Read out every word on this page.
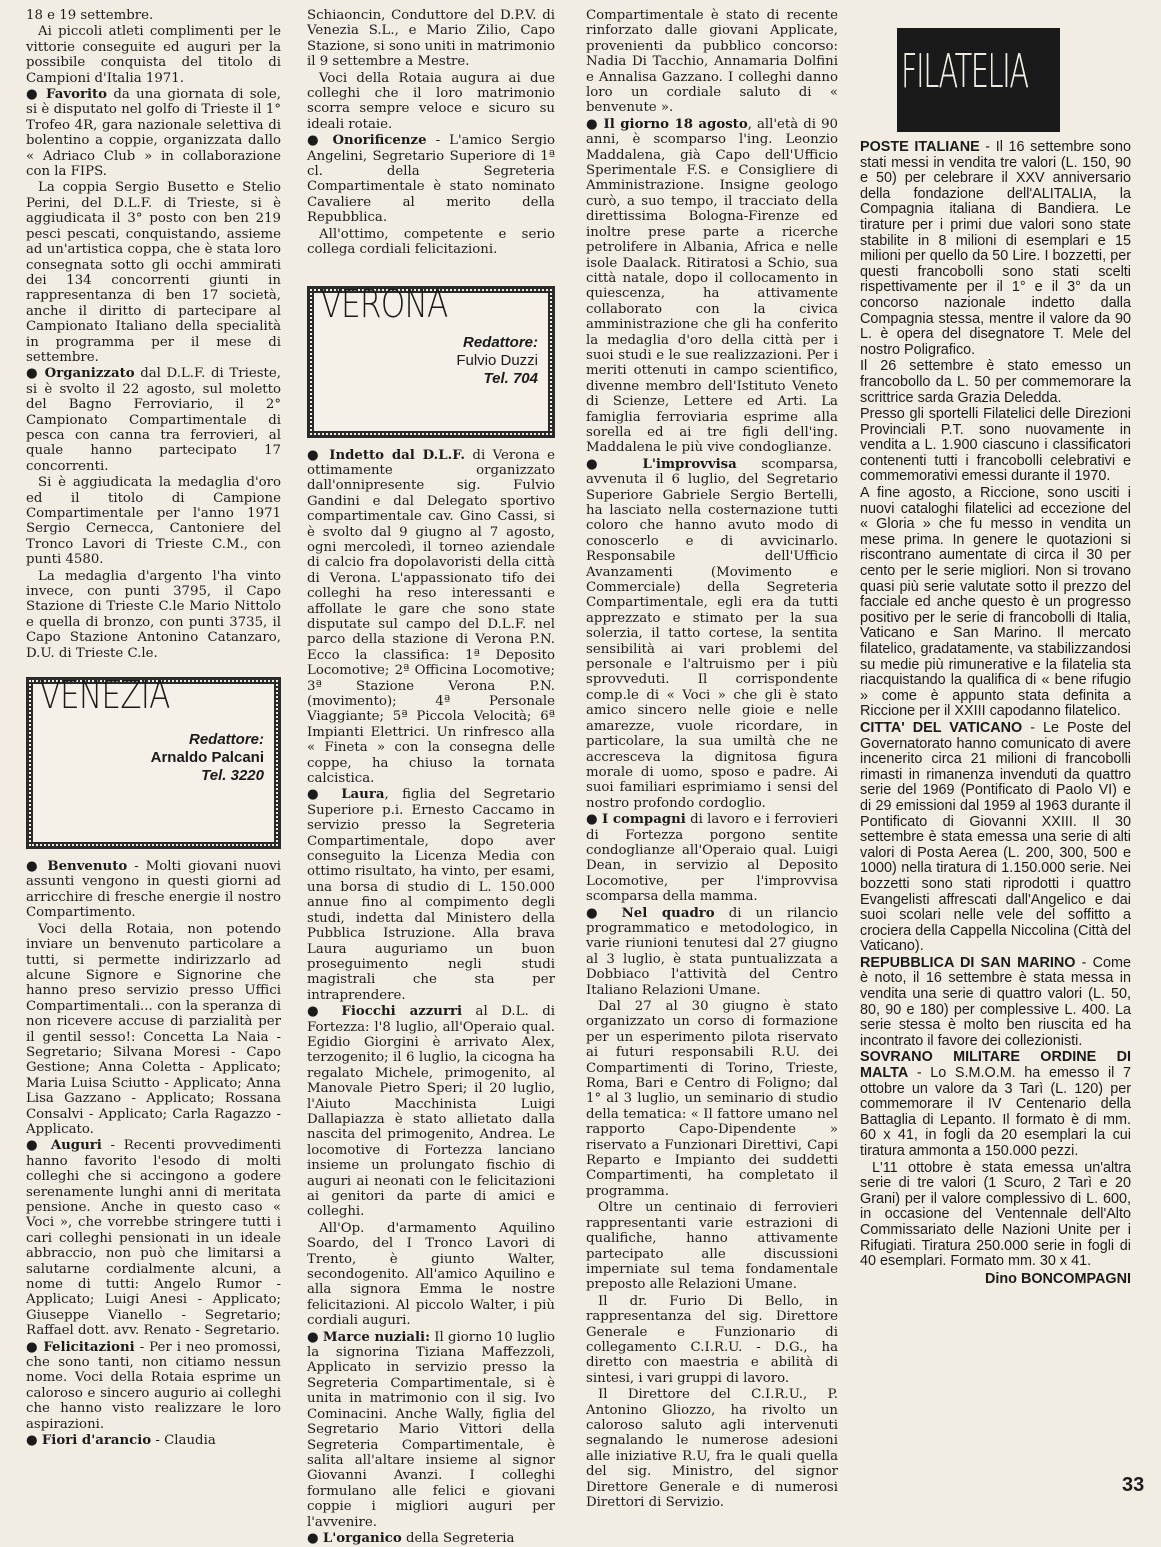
18 e 19 settembre.

Ai piccoli atleti complimenti per le vittorie conseguite ed auguri per la possibile conquista del titolo di Campioni d'Italia 1971.

● Favorito da una giornata di sole, si è disputato nel golfo di Trieste il 1° Trofeo 4R, gara nazionale selettiva di bolentino a coppie, organizzata dallo « Adriaco Club » in collaborazione con la FIPS.

La coppia Sergio Busetto e Stelio Perini, del D.L.F. di Trieste, si è aggiudicata il 3° posto con ben 219 pesci pescati, conquistando, assieme ad un'artistica coppa, che è stata loro consegnata sotto gli occhi ammirati dei 134 concorrenti giunti in rappresentanza di ben 17 società, anche il diritto di partecipare al Campionato Italiano della specialità in programma per il mese di settembre.

● Organizzato dal D.L.F. di Trieste, si è svolto il 22 agosto, sul moletto del Bagno Ferroviario, il 2° Campionato Compartimentale di pesca con canna tra ferrovieri, al quale hanno partecipato 17 concorrenti.

Si è aggiudicata la medaglia d'oro ed il titolo di Campione Compartimentale per l'anno 1971 Sergio Cernecca, Cantoniere del Tronco Lavori di Trieste C.M., con punti 4580.

La medaglia d'argento l'ha vinto invece, con punti 3795, il Capo Stazione di Trieste C.le Mario Nittolo e quella di bronzo, con punti 3735, il Capo Stazione Antonino Catanzaro, D.U. di Trieste C.le.

VENEZIA
Redattore:
Arnaldo Palcani
Tel. 3220

● Benvenuto - Molti giovani nuovi assunti vengono in questi giorni ad arricchire di fresche energie il nostro Compartimento.

Voci della Rotaia, non potendo inviare un benvenuto particolare a tutti, si permette indirizzarlo ad alcune Signore e Signorine che hanno preso servizio presso Uffici Compartimentali... con la speranza di non ricevere accuse di parzialità per il gentil sesso!: Concetta La Naia - Segretario; Silvana Moresi - Capo Gestione; Anna Coletta - Applicato; Maria Luisa Sciutto - Applicato; Anna Lisa Gazzano - Applicato; Rossana Consalvi - Applicato; Carla Ragazzo - Applicato.

● Auguri - Recenti provvedimenti hanno favorito l'esodo di molti colleghi che si accingono a godere serenamente lunghi anni di meritata pensione. Anche in questo caso « Voci », che vorrebbe stringere tutti i cari colleghi pensionati in un ideale abbraccio, non può che limitarsi a salutarne cordialmente alcuni, a nome di tutti: Angelo Rumor - Applicato; Luigi Anesi - Applicato; Giuseppe Vianello - Segretario; Raffael dott. avv. Renato - Segretario.

● Felicitazioni - Per i neo promossi, che sono tanti, non citiamo nessun nome. Voci della Rotaia esprime un caloroso e sincero augurio ai colleghi che hanno visto realizzare le loro aspirazioni.

● Fiori d'arancio - Claudia

Schiaoncin, Conduttore del D.P.V. di Venezia S.L., e Mario Zilio, Capo Stazione, si sono uniti in matrimonio il 9 settembre a Mestre.

Voci della Rotaia augura ai due colleghi che il loro matrimonio scorra sempre veloce e sicuro su ideali rotaie.

● Onorificenze - L'amico Sergio Angelini, Segretario Superiore di 1ª cl. della Segreteria Compartimentale è stato nominato Cavaliere al merito della Repubblica.

All'ottimo, competente e serio collega cordiali felicitazioni.

VERONA
Redattore:
Fulvio Duzzi
Tel. 704

● Indetto dal D.L.F. di Verona e ottimamente organizzato dall'onnipresente sig. Fulvio Gandini e dal Delegato sportivo compartimentale cav. Gino Cassi, si è svolto dal 9 giugno al 7 agosto, ogni mercoledì, il torneo aziendale di calcio fra dopolavoristi della città di Verona. L'appassionato tifo dei colleghi ha reso interessanti e affollate le gare che sono state disputate sul campo del D.L.F. nel parco della stazione di Verona P.N. Ecco la classifica: 1ª Deposito Locomotive; 2ª Officina Locomotive; 3ª Stazione Verona P.N. (movimento); 4ª Personale Viaggiante; 5ª Piccola Velocità; 6ª Impianti Elettrici. Un rinfresco alla « Fineta » con la consegna delle coppe, ha chiuso la tornata calcistica.

● Laura, figlia del Segretario Superiore p.i. Ernesto Caccamo in servizio presso la Segreteria Compartimentale, dopo aver conseguito la Licenza Media con ottimo risultato, ha vinto, per esami, una borsa di studio di L. 150.000 annue fino al compimento degli studi, indetta dal Ministero della Pubblica Istruzione. Alla brava Laura auguriamo un buon proseguimento negli studi magistrali che sta per intraprendere.

● Fiocchi azzurri al D.L. di Fortezza: l'8 luglio, all'Operaio qual. Egidio Giorgini è arrivato Alex, terzogenito; il 6 luglio, la cicogna ha regalato Michele, primogenito, al Manovale Pietro Speri; il 20 luglio, l'Aiuto Macchinista Luigi Dallapiazza è stato allietato dalla nascita del primogenito, Andrea. Le locomotive di Fortezza lanciano insieme un prolungato fischio di auguri ai neonati con le felicitazioni ai genitori da parte di amici e colleghi.

All'Op. d'armamento Aquilino Soardo, del I Tronco Lavori di Trento, è giunto Walter, secondogenito. All'amico Aquilino e alla signora Emma le nostre felicitazioni. Al piccolo Walter, i più cordiali auguri.

● Marce nuziali: Il giorno 10 luglio la signorina Tiziana Maffezzoli, Applicato in servizio presso la Segreteria Compartimentale, si è unita in matrimonio con il sig. Ivo Cominacini. Anche Wally, figlia del Segretario Mario Vittori della Segreteria Compartimentale, è salita all'altare insieme al signor Giovanni Avanzi. I colleghi formulano alle felici e giovani coppie i migliori auguri per l'avvenire.

● L'organico della Segreteria

Compartimentale è stato di recente rinforzato dalle giovani Applicate, provenienti da pubblico concorso: Nadia Di Tacchio, Annamaria Dolfini e Annalisa Gazzano. I colleghi danno loro un cordiale saluto di « benvenute ».

● Il giorno 18 agosto, all'età di 90 anni, è scomparso l'ing. Leonzio Maddalena, già Capo dell'Ufficio Sperimentale F.S. e Consigliere di Amministrazione. Insigne geologo curò, a suo tempo, il tracciato della direttissima Bologna-Firenze ed inoltre prese parte a ricerche petrolifere in Albania, Africa e nelle isole Daalack. Ritiratosi a Schio, sua città natale, dopo il collocamento in quiescenza, ha attivamente collaborato con la civica amministrazione che gli ha conferito la medaglia d'oro della città per i suoi studi e le sue realizzazioni. Per i meriti ottenuti in campo scientifico, divenne membro dell'Istituto Veneto di Scienze, Lettere ed Arti. La famiglia ferroviaria esprime alla sorella ed ai tre figli dell'ing. Maddalena le più vive condoglianze.

● L'improvvisa scomparsa, avvenuta il 6 luglio, del Segretario Superiore Gabriele Sergio Bertelli, ha lasciato nella costernazione tutti coloro che hanno avuto modo di conoscerlo e di avvicinarlo. Responsabile dell'Ufficio Avanzamenti (Movimento e Commerciale) della Segreteria Compartimentale, egli era da tutti apprezzato e stimato per la sua solerzia, il tatto cortese, la sentita sensibilità ai vari problemi del personale e l'altruismo per i più sprovveduti. Il corrispondente comp.le di « Voci » che gli è stato amico sincero nelle gioie e nelle amarezze, vuole ricordare, in particolare, la sua umiltà che ne accresceva la dignitosa figura morale di uomo, sposo e padre. Ai suoi familiari esprimiamo i sensi del nostro profondo cordoglio.

● I compagni di lavoro e i ferrovieri di Fortezza porgono sentite condoglianze all'Operaio qual. Luigi Dean, in servizio al Deposito Locomotive, per l'improvvisa scomparsa della mamma.

● Nel quadro di un rilancio programmatico e metodologico, in varie riunioni tenutesi dal 27 giugno al 3 luglio, è stata puntualizzata a Dobbiaco l'attività del Centro Italiano Relazioni Umane.

Dal 27 al 30 giugno è stato organizzato un corso di formazione per un esperimento pilota riservato ai futuri responsabili R.U. dei Compartimenti di Torino, Trieste, Roma, Bari e Centro di Foligno; dal 1° al 3 luglio, un seminario di studio della tematica: « Il fattore umano nel rapporto Capo-Dipendente » riservato a Funzionari Direttivi, Capi Reparto e Impianto dei suddetti Compartimenti, ha completato il programma.

Oltre un centinaio di ferrovieri rappresentanti varie estrazioni di qualifiche, hanno attivamente partecipato alle discussioni imperniate sul tema fondamentale preposto alle Relazioni Umane.

Il dr. Furio Di Bello, in rappresentanza del sig. Direttore Generale e Funzionario di collegamento C.I.R.U. - D.G., ha diretto con maestria e abilità di sintesi, i vari gruppi di lavoro.

Il Direttore del C.I.R.U., P. Antonino Gliozzo, ha rivolto un caloroso saluto agli intervenuti segnalando le numerose adesioni alle iniziative R.U, fra le quali quella del sig. Ministro, del signor Direttore Generale e di numerosi Direttori di Servizio.

FILATELIA

POSTE ITALIANE - Il 16 settembre sono stati messi in vendita tre valori (L. 150, 90 e 50) per celebrare il XXV anniversario della fondazione dell'ALITALIA, la Compagnia italiana di Bandiera. Le tirature per i primi due valori sono state stabilite in 8 milioni di esemplari e 15 milioni per quello da 50 Lire. I bozzetti, per questi francobolli sono stati scelti rispettivamente per il 1° e il 3° da un concorso nazionale indetto dalla Compagnia stessa, mentre il valore da 90 L. è opera del disegnatore T. Mele del nostro Poligrafico.

Il 26 settembre è stato emesso un francobollo da L. 50 per commemorare la scrittrice sarda Grazia Deledda.

Presso gli sportelli Filatelici delle Direzioni Provinciali P.T. sono nuovamente in vendita a L. 1.900 ciascuno i classificatori contenenti tutti i francobolli celebrativi e commemorativi emessi durante il 1970.

A fine agosto, a Riccione, sono usciti i nuovi cataloghi filatelici ad eccezione del « Gloria » che fu messo in vendita un mese prima. In genere le quotazioni si riscontrano aumentate di circa il 30 per cento per le serie migliori. Non si trovano quasi più serie valutate sotto il prezzo del facciale ed anche questo è un progresso positivo per le serie di francobolli di Italia, Vaticano e San Marino. Il mercato filatelico, gradatamente, va stabilizzandosi su medie più rimunerative e la filatelia sta riacquistando la qualifica di « bene rifugio » come è appunto stata definita a Riccione per il XXIII capodanno filatelico.

CITTA' DEL VATICANO - Le Poste del Governatorato hanno comunicato di avere incenerito circa 21 milioni di francobolli rimasti in rimanenza invenduti da quattro serie del 1969 (Pontificato di Paolo VI) e di 29 emissioni dal 1959 al 1963 durante il Pontificato di Giovanni XXIII. Il 30 settembre è stata emessa una serie di alti valori di Posta Aerea (L. 200, 300, 500 e 1000) nella tiratura di 1.150.000 serie. Nei bozzetti sono stati riprodotti i quattro Evangelisti affrescati dall'Angelico e dai suoi scolari nelle vele del soffitto a crociera della Cappella Niccolina (Città del Vaticano).

REPUBBLICA DI SAN MARINO - Come è noto, il 16 settembre è stata messa in vendita una serie di quattro valori (L. 50, 80, 90 e 180) per complessive L. 400. La serie stessa è molto ben riuscita ed ha incontrato il favore dei collezionisti.

SOVRANO MILITARE ORDINE DI MALTA - Lo S.M.O.M. ha emesso il 7 ottobre un valore da 3 Tarì (L. 120) per commemorare il IV Centenario della Battaglia di Lepanto. Il formato è di mm. 60 x 41, in fogli da 20 esemplari la cui tiratura ammonta a 150.000 pezzi.

L'11 ottobre è stata emessa un'altra serie di tre valori (1 Scuro, 2 Tarì e 20 Grani) per il valore complessivo di L. 600, in occasione del Ventennale dell'Alto Commissariato delle Nazioni Unite per i Rifugiati. Tiratura 250.000 serie in fogli di 40 esemplari. Formato mm. 30 x 41.

Dino BONCOMPAGNI
33
